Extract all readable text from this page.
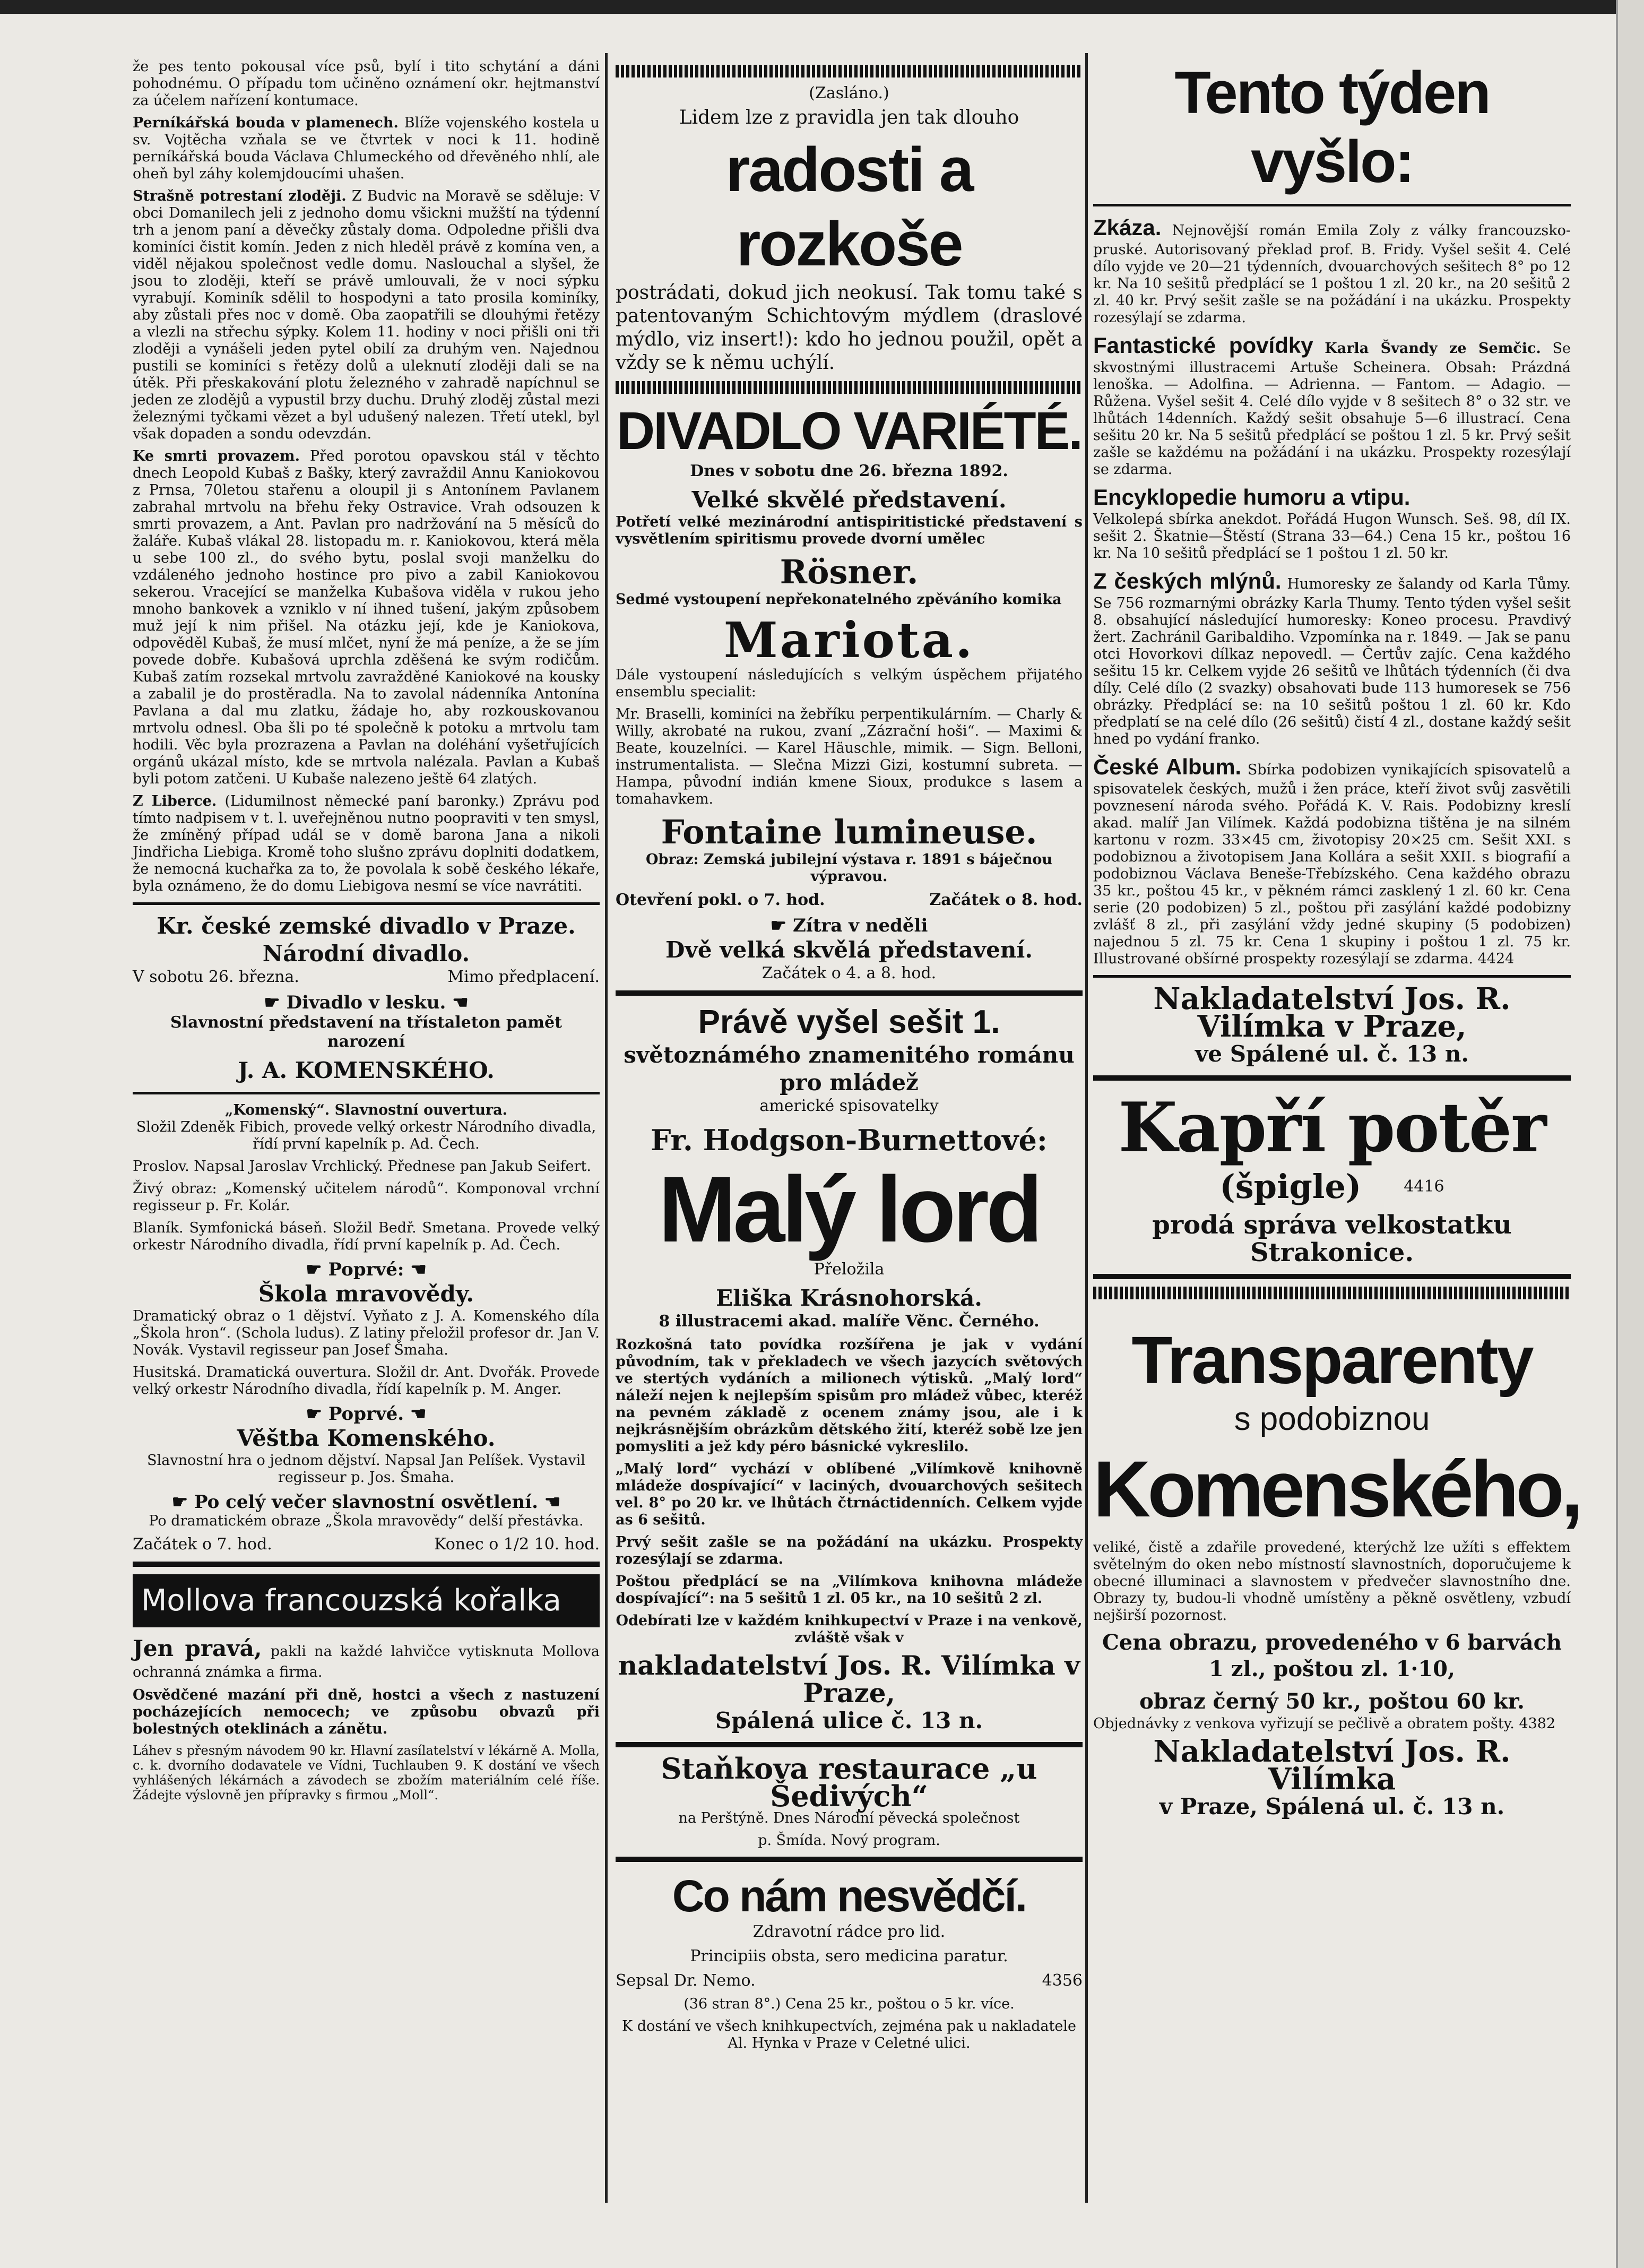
že pes tento pokousal více psů, bylí i tito schytání a dáni pohodnému. O případu tom učiněno oznámení okr. hejtmanství za účelem nařízení kontumace.

Perníkářská bouda v plamenech. Blíže vojenského kostela u sv. Vojtěcha vzňala se ve čtvrtek v noci k 11. hodině perníkářská bouda Václava Chlumeckého od dřevěného nhlí, ale oheň byl záhy kolemjdoucími uhašen.

Strašně potrestaní zloději. Z Budvic na Moravě se sděluje: V obci Domanilech jeli z jednoho domu všickni mužští na týdenní trh a jenom paní a děvečky zůstaly doma. Odpoledne přišli dva kominíci čistit komín. Jeden z nich hleděl právě z komína ven, a viděl nějakou společnost vedle domu. Naslouchal a slyšel, že jsou to zloději, kteří se právě umlouvali, že v noci sýpku vyrabují. Kominík sdělil to hospodyni a tato prosila kominíky, aby zůstali přes noc v domě. Oba zaopatřili se dlouhými řetězy a vlezli na střechu sýpky. Kolem 11. hodiny v noci přišli oni tři zloději a vynášeli jeden pytel obilí za druhým ven. Najednou pustili se kominíci s řetězy dolů a uleknutí zloději dali se na útěk. Při přeskakování plotu železného v zahradě napíchnul se jeden ze zlodějů a vypustil brzy duchu. Druhý zloděj zůstal mezi železnými tyčkami vězet a byl udušený nalezen. Třetí utekl, byl však dopaden a sondu odevzdán.

Ke smrti provazem. Před porotou opavskou stál v těchto dnech Leopold Kubaš z Bašky, který zavraždil Annu Kaniokovou z Prnsa, 70letou stařenu a oloupil ji s Antonínem Pavlanem zabrahal mrtvolu na břehu řeky Ostravice. Vrah odsouzen k smrti provazem, a Ant. Pavlan pro nadržování na 5 měsíců do žaláře. Kubaš vlákal 28. listopadu m. r. Kaniokovou, která měla u sebe 100 zl., do svého bytu, poslal svoji manželku do vzdáleného jednoho hostince pro pivo a zabil Kaniokovou sekerou. Vracející se manželka Kubašova viděla v rukou jeho mnoho bankovek a vzniklo v ní ihned tušení, jakým způsobem muž její k nim přišel. Na otázku její, kde je Kaniokova, odpověděl Kubaš, že musí mlčet, nyní že má peníze, a že se jím povede dobře. Kubašová uprchla zděšená ke svým rodičům. Kubaš zatím rozsekal mrtvolu zavražděné Kaniokové na kousky a zabalil je do prostěradla. Na to zavolal nádenníka Antonína Pavlana a dal mu zlatku, žádaje ho, aby rozkouskovanou mrtvolu odnesl. Oba šli po té společně k potoku a mrtvolu tam hodili. Věc byla prozrazena a Pavlan na doléhání vyšetřujících orgánů ukázal místo, kde se mrtvola nalézala. Pavlan a Kubaš byli potom zatčeni. U Kubaše nalezeno ještě 64 zlatých.

Z Liberce. (Lidumilnost německé paní baronky.) Zprávu pod tímto nadpisem v t. l. uveřejněnou nutno poopraviti v ten smysl, že zmíněný případ udál se v domě barona Jana a nikoli Jindřicha Liebiga. Kromě toho slušno zprávu doplniti dodatkem, že nemocná kuchařka za to, že povolala k sobě českého lékaře, byla oznámeno, že do domu Liebigova nesmí se více navrátiti.

Kr. české zemské divadlo v Praze.
Národní divadlo.
V sobotu 26. března.	Mimo předplacení.
☛ Divadlo v lesku. ☚
Slavnostní představení na třístaleton pamět narození
J. A. KOMENSKÉHO.

„Komenský“. Slavnostní ouvertura.
Složil Zdeněk Fibich, provede velký orkestr Národního divadla, řídí první kapelník p. Ad. Čech.

Proslov. Napsal Jaroslav Vrchlický. Přednese pan Jakub Seifert.

Živý obraz: „Komenský učitelem národů“. Komponoval vrchní regisseur p. Fr. Kolár.

Blaník. Symfonická báseň. Složil Bedř. Smetana. Provede velký orkestr Národního divadla, řídí první kapelník p. Ad. Čech.

☛ Poprvé: ☚
Škola mravovědy.

Dramatický obraz o 1 dějství. Vyňato z J. A. Komenského díla „Škola hron“. (Schola ludus). Z latiny přeložil profesor dr. Jan V. Novák. Vystavil regisseur pan Josef Šmaha.

Husitská. Dramatická ouvertura. Složil dr. Ant. Dvořák. Provede velký orkestr Národního divadla, řídí kapelník p. M. Anger.

☛ Poprvé. ☚
Věštba Komenského.

Slavnostní hra o jednom dějství. Napsal Jan Pelíšek. Vystavil regisseur p. Jos. Šmaha.

☛ Po celý večer slavnostní osvětlení. ☚

Po dramatickém obraze „Škola mravovědy“ delší přestávka.

Začátek o 7. hod.	Konec o 1/2 10. hod.
Mollova francouzská kořalka

Jen pravá, pakli na každé lahvičce vytisknuta Mollova ochranná známka a firma.

Osvědčené mazání při dně, hostci a všech z nastuzení pocházejících nemocech; ve způsobu obvazů při bolestných oteklinách a zánětu.

Láhev s přesným návodem 90 kr. Hlavní zasílatelství v lékárně A. Molla, c. k. dvorního dodavatele ve Vídni, Tuchlauben 9. K dostání ve všech vyhlášených lékárnách a závodech se zbožím materiálním celé říše. Žádejte výslovně jen přípravky s firmou „Moll“.

(Zasláno.)
Lidem lze z pravidla jen tak dlouho
radosti a rozkoše

postrádati, dokud jich neokusí. Tak tomu také s patentovaným Schichtovým mýdlem (draslové mýdlo, viz insert!): kdo ho jednou použil, opět a vždy se k němu uchýlí.

DIVADLO VARIÉTÉ.
Dnes v sobotu dne 26. března 1892.
Velké skvělé představení.

Potřetí velké mezinárodní antispiritistické představení s vysvětlením spiritismu provede dvorní umělec

Rösner.

Sedmé vystoupení nepřekonatelného zpěváního komika

Mariota.

Dále vystoupení následujících s velkým úspěchem přijatého ensemblu specialit:

Mr. Braselli, kominíci na žebříku perpentikulárním. — Charly & Willy, akrobaté na rukou, zvaní „Zázrační hoši“. — Maximi & Beate, kouzelníci. — Karel Häuschle, mimik. — Sign. Belloni, instrumentalista. — Slečna Mizzi Gizi, kostumní subreta. — Hampa, původní indián kmene Sioux, produkce s lasem a tomahavkem.

Fontaine lumineuse.

Obraz: Zemská jubilejní výstava r. 1891 s báječnou výpravou.

Otevření pokl. o 7. hod.	Začátek o 8. hod.
☛ Zítra v neděli
Dvě velká skvělá představení.
Začátek o 4. a 8. hod.
Právě vyšel sešit 1.
světoznámého znamenitého románu pro mládež
americké spisovatelky
Fr. Hodgson-Burnettové:
Malý lord
Přeložila
Eliška Krásnohorská.
8 illustracemi akad. malíře Věnc. Černého.

Rozkošná tato povídka rozšířena je jak v vydání původním, tak v překladech ve všech jazycích světových ve stertých vydáních a milionech výtisků. „Malý lord“ náleží nejen k nejlepším spisům pro mládež vůbec, kteréž na pevném základě z ocenem známy jsou, ale i k nejkrásnějším obrázkům dětského žití, kteréž sobě lze jen pomysliti a jež kdy péro básnické vykreslilo.

„Malý lord“ vychází v oblíbené „Vilímkově knihovně mládeže dospívající“ v laciných, dvouarchových sešitech vel. 8° po 20 kr. ve lhůtách čtrnáctidenních. Celkem vyjde as 6 sešitů.

Prvý sešit zašle se na požádání na ukázku. Prospekty rozesýlají se zdarma.

Poštou předplácí se na „Vilímkova knihovna mládeže dospívající“: na 5 sešitů 1 zl. 05 kr., na 10 sešitů 2 zl.

Odebírati lze v každém knihkupectví v Praze i na venkově, zvláště však v

nakladatelství Jos. R. Vilímka v Praze,
Spálená ulice č. 13 n.
Staňkova restaurace „u Šedivých“
na Perštýně. Dnes Národní pěvecká společnost
p. Šmída. Nový program.
Co nám nesvědčí.
Zdravotní rádce pro lid.
Principiis obsta, sero medicina paratur.
Sepsal Dr. Nemo.	4356
(36 stran 8°.) Cena 25 kr., poštou o 5 kr. více.
K dostání ve všech knihkupectvích, zejména pak u nakladatele Al. Hynka v Praze v Celetné ulici.
Tento týden vyšlo:

Zkáza. Nejnovější román Emila Zoly z války francouzsko-pruské. Autorisovaný překlad prof. B. Fridy. Vyšel sešit 4. Celé dílo vyjde ve 20—21 týdenních, dvouarchových sešitech 8° po 12 kr. Na 10 sešitů předplácí se 1 poštou 1 zl. 20 kr., na 20 sešitů 2 zl. 40 kr. Prvý sešit zašle se na požádání i na ukázku. Prospekty rozesýlají se zdarma.

Fantastické povídky Karla Švandy ze Semčic. Se skvostnými illustracemi Artuše Scheinera. Obsah: Prázdná lenoška. — Adolfina. — Adrienna. — Fantom. — Adagio. — Růžena. Vyšel sešit 4. Celé dílo vyjde v 8 sešitech 8° o 32 str. ve lhůtách 14denních. Každý sešit obsahuje 5—6 illustrací. Cena sešitu 20 kr. Na 5 sešitů předplácí se poštou 1 zl. 5 kr. Prvý sešit zašle se každému na požádání i na ukázku. Prospekty rozesýlají se zdarma.

Encyklopedie humoru a vtipu.

Velkolepá sbírka anekdot. Pořádá Hugon Wunsch. Seš. 98, díl IX. sešit 2. Škatnie—Štěstí (Strana 33—64.) Cena 15 kr., poštou 16 kr. Na 10 sešitů předplácí se 1 poštou 1 zl. 50 kr.

Z českých mlýnů. Humoresky ze šalandy od Karla Tůmy. Se 756 rozmarnými obrázky Karla Thumy. Tento týden vyšel sešit 8. obsahující následující humoresky: Koneo procesu. Pravdivý žert. Zachránil Garibaldiho. Vzpomínka na r. 1849. — Jak se panu otci Hovorkovi dílkaz nepovedl. — Čertův zajíc. Cena každého sešitu 15 kr. Celkem vyjde 26 sešitů ve lhůtách týdenních (či dva díly. Celé dílo (2 svazky) obsahovati bude 113 humoresek se 756 obrázky. Předplácí se: na 10 sešitů poštou 1 zl. 60 kr. Kdo předplatí se na celé dílo (26 sešitů) čistí 4 zl., dostane každý sešit hned po vydání franko.

České Album. Sbírka podobizen vynikajících spisovatelů a spisovatelek českých, mužů i žen práce, kteří život svůj zasvětili povznesení národa svého. Pořádá K. V. Rais. Podobizny kreslí akad. malíř Jan Vilímek. Každá podobizna tištěna je na silném kartonu v rozm. 33×45 cm, životopisy 20×25 cm. Sešit XXI. s podobiznou a životopisem Jana Kollára a sešit XXII. s biografií a podobiznou Václava Beneše-Třebízského. Cena každého obrazu 35 kr., poštou 45 kr., v pěkném rámci zasklený 1 zl. 60 kr. Cena serie (20 podobizen) 5 zl., poštou při zasýlání každé podobizny zvlášť 8 zl., při zasýlání vždy jedné skupiny (5 podobizen) najednou 5 zl. 75 kr. Cena 1 skupiny i poštou 1 zl. 75 kr. Illustrované obšírné prospekty rozesýlají se zdarma. 4424

Nakladatelství Jos. R. Vilímka v Praze,
ve Spálené ul. č. 13 n.
Kapří potěr
(špigle)	4416
prodá správa velkostatku Strakonice.
Transparenty
s podobiznou
Komenského,

veliké, čistě a zdařile provedené, kterýchž lze užíti s effektem světelným do oken nebo místností slavnostních, doporučujeme k obecné illuminaci a slavnostem v předvečer slavnostního dne. Obrazy ty, budou-li vhodně umístěny a pěkně osvětleny, vzbudí nejširší pozornost.

Cena obrazu, provedeného v 6 barvách 1 zl., poštou zl. 1·10,

obraz černý 50 kr., poštou 60 kr.

Objednávky z venkova vyřizují se pečlivě a obratem pošty. 4382

Nakladatelství Jos. R. Vilímka
v Praze, Spálená ul. č. 13 n.
